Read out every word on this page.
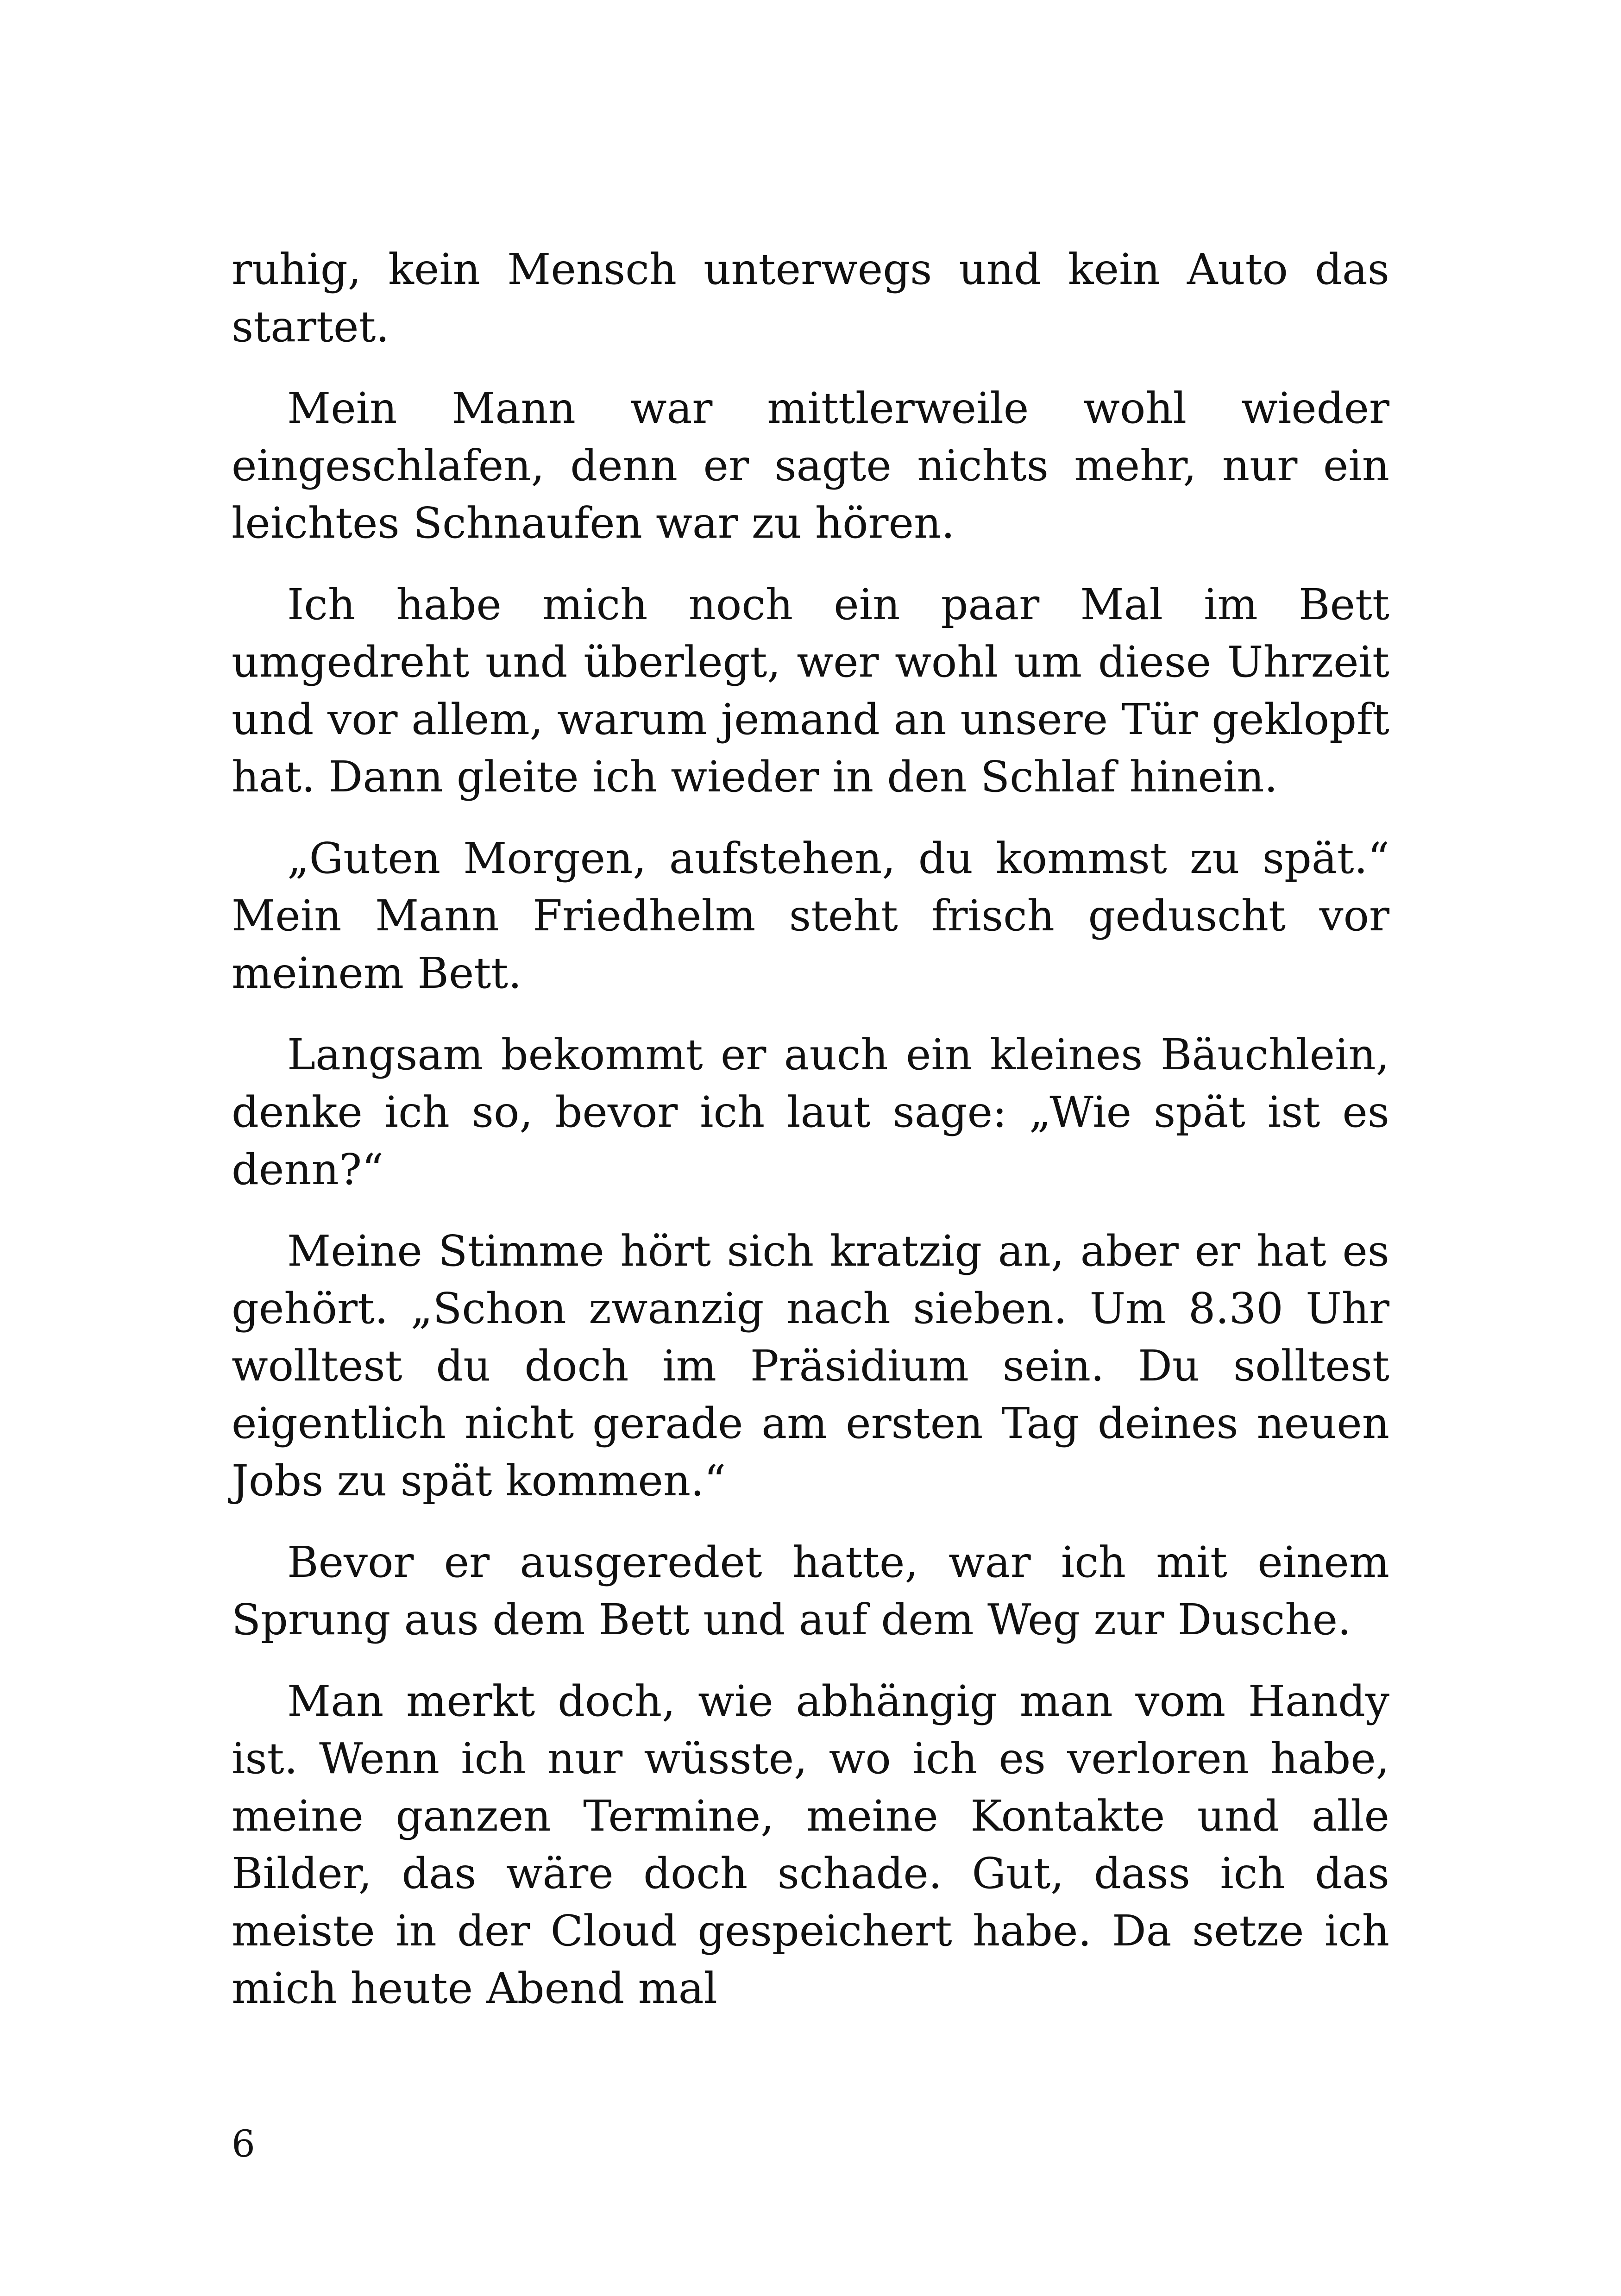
ruhig, kein Mensch unterwegs und kein Auto das startet.

Mein Mann war mittlerweile wohl wieder eingeschlafen, denn er sagte nichts mehr, nur ein leichtes Schnaufen war zu hören.

Ich habe mich noch ein paar Mal im Bett umgedreht und überlegt, wer wohl um diese Uhrzeit und vor allem, warum jemand an unsere Tür geklopft hat. Dann gleite ich wieder in den Schlaf hinein.

„Guten Morgen, aufstehen, du kommst zu spät.“ Mein Mann Friedhelm steht frisch geduscht vor meinem Bett.

Langsam bekommt er auch ein kleines Bäuchlein, denke ich so, bevor ich laut sage: „Wie spät ist es denn?“

Meine Stimme hört sich kratzig an, aber er hat es gehört. „Schon zwanzig nach sieben. Um 8.30 Uhr wolltest du doch im Präsidium sein. Du solltest eigentlich nicht gerade am ersten Tag deines neuen Jobs zu spät kommen.“

Bevor er ausgeredet hatte, war ich mit einem Sprung aus dem Bett und auf dem Weg zur Dusche.

Man merkt doch, wie abhängig man vom Handy ist. Wenn ich nur wüsste, wo ich es verloren habe, meine ganzen Termine, meine Kontakte und alle Bilder, das wäre doch schade. Gut, dass ich das meiste in der Cloud gespeichert habe. Da setze ich mich heute Abend mal

6
